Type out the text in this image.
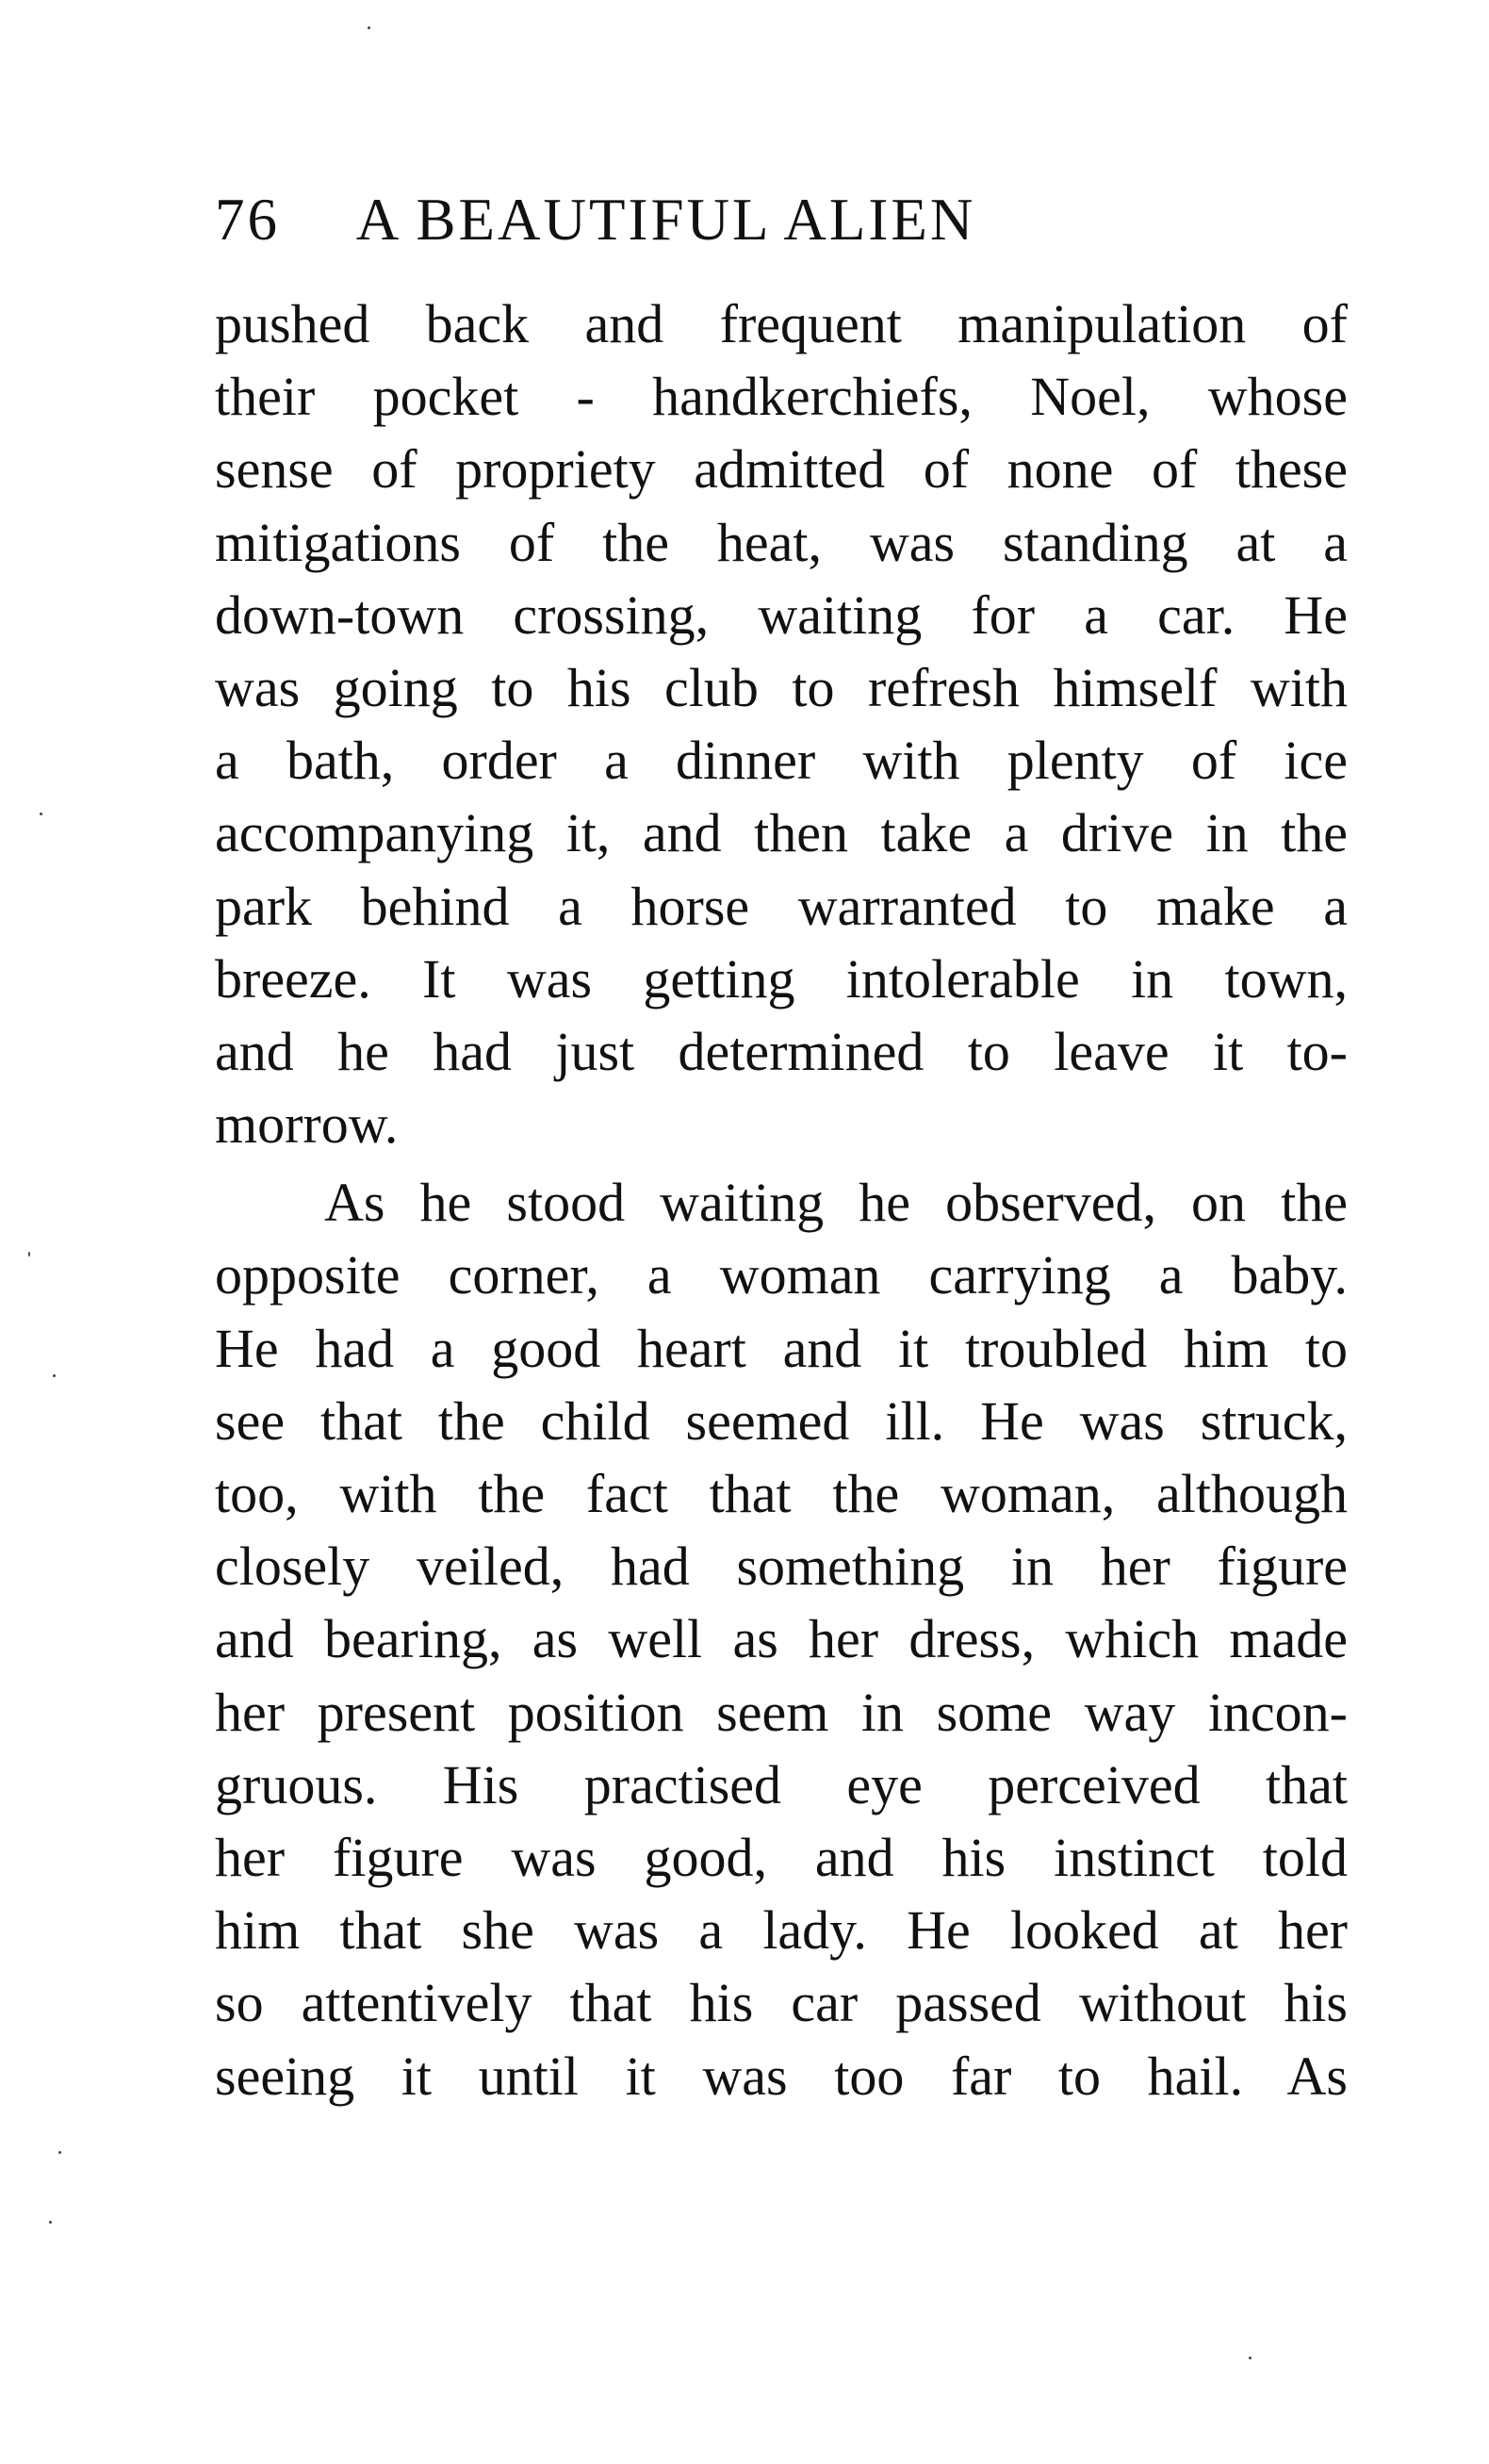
76 A BEAUTIFUL ALIEN
pushed back and frequent manipulation of
their pocket - handkerchiefs, Noel, whose
sense of propriety admitted of none of these
mitigations of the heat, was standing at a
down-town crossing, waiting for a car. He
was going to his club to refresh himself with
a bath, order a dinner with plenty of ice
accompanying it, and then take a drive in the
park behind a horse warranted to make a
breeze. It was getting intolerable in town,
and he had just determined to leave it to-
morrow.
As he stood waiting he observed, on the
opposite corner, a woman carrying a baby.
He had a good heart and it troubled him to
see that the child seemed ill. He was struck,
too, with the fact that the woman, although
closely veiled, had something in her figure
and bearing, as well as her dress, which made
her present position seem in some way incon-
gruous. His practised eye perceived that
her figure was good, and his instinct told
him that she was a lady. He looked at her
so attentively that his car passed without his
seeing it until it was too far to hail. As
